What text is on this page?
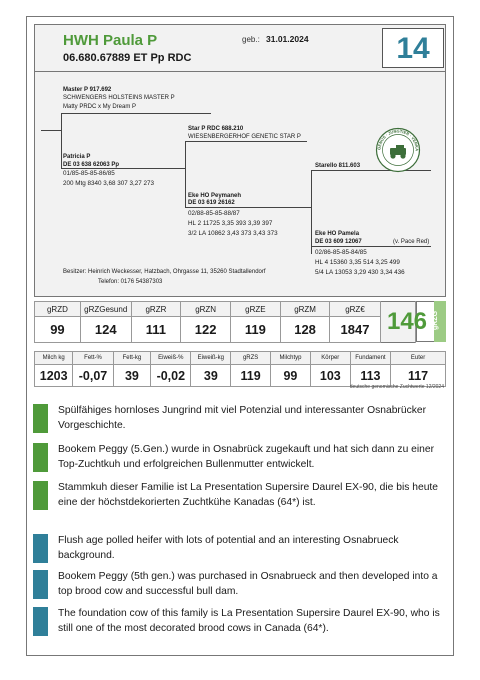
HWH Paula P
06.680.67889 ET Pp RDC
geb.: 31.01.2024	14
Master P 917.692
SCHWENGERS HOLSTEINS MASTER P
Matty PRDC x My Dream P
Patricia P
DE 03 638 62063 Pp
01/85-85-85-86/85
200 Mtg 8340 3,68 307 3,27 273
Star P RDC 688.210
WIESENBERGERHOF GENETIC STAR P
Eke HO Peymaneh
DE 03 619 26162
02/88-85-85-88/87
HL 2 11725 3,35 393 3,39 397
3/2 LA 10862 3,43 373 3,43 373
Starello 811.603
Eke HO Pamela
DE 03 609 12067	(v. Pace Red)
02/86-85-85-84/85
HL 4 15360 3,35 514 3,25 499
5/4 LA 13053 3,29 430 3,34 436
Besitzer: Heinrich Weckesser, Hatzbach, Ohrgasse 11, 35260 Stadtallendorf
Telefon: 0176 54387303
GENUS · JUNGTIER · VERKA
gRZD	gRZGesund	gRZR	gRZN	gRZE	gRZM	gRZ€	
99	124	111	122	119	128	1847	146 gRZG
Milch kg	Fett-%	Fett-kg	Eiweiß-%	Eiweiß-kg	gRZS	Milchtyp	Körper	Fundament	Euter
1203	-0,07	39	-0,02	39	119	99	103	113	117
deutsche genomische Zuchtwerte 12/2024
Spülfähiges hornloses Jungrind mit viel Potenzial und interessanter Osnabrücker Vorgeschichte.
Bookem Peggy (5.Gen.) wurde in Osnabrück zugekauft und hat sich dann zu einer Top-Zuchtkuh und erfolgreichen Bullenmutter entwickelt.
Stammkuh dieser Familie ist La Presentation Supersire Daurel EX-90, die bis heute eine der höchstdekorierten Zuchtkühe Kanadas (64*) ist.
Flush age polled heifer with lots of potential and an interesting Osnabrueck background.
Bookem Peggy (5th gen.) was purchased in Osnabrueck and then developed into a top brood cow and successful bull dam.
The foundation cow of this family is La Presentation Supersire Daurel EX-90, who is still one of the most decorated brood cows in Canada (64*).
